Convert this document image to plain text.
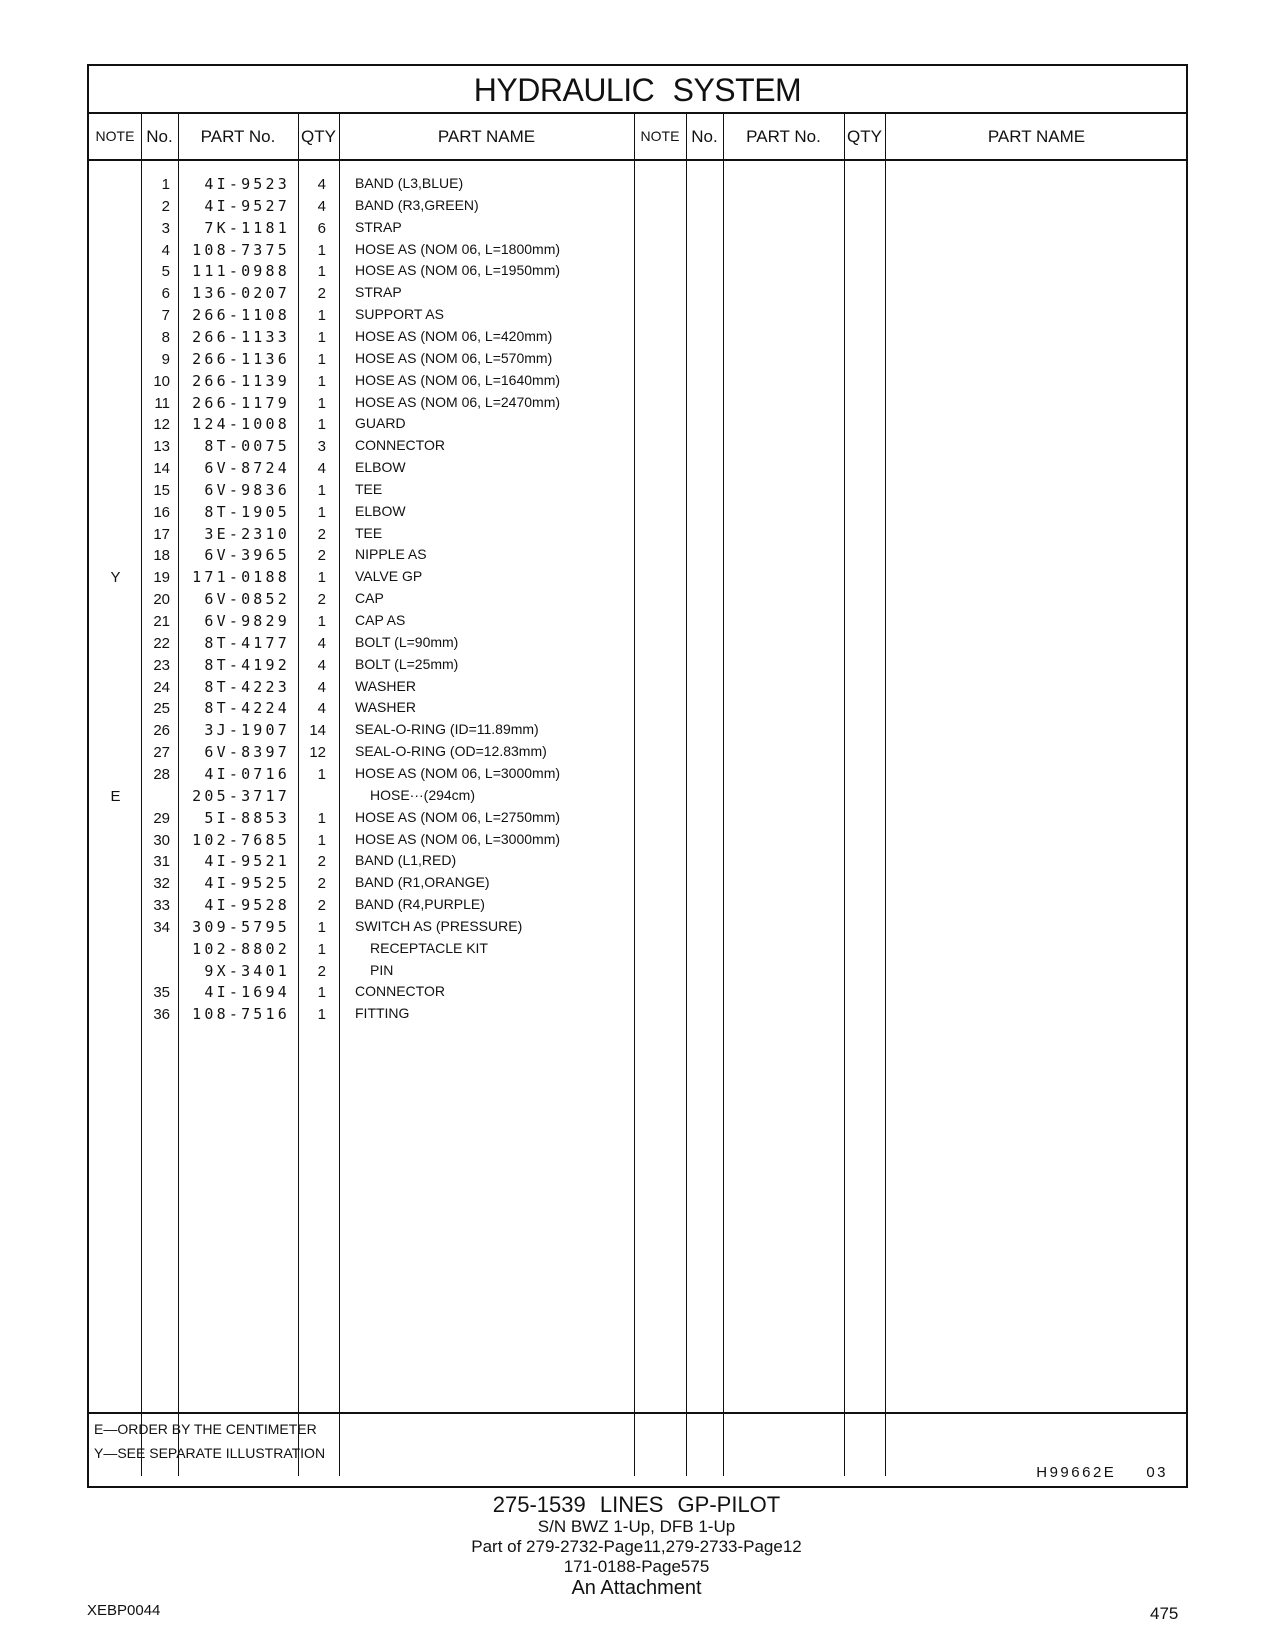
HYDRAULIC SYSTEM
NOTE No.	PART No.	QTY	PART NAME	NOTE No.	PART No.	QTY	PART NAME
1	4I-9523	4 BAND (L3,BLUE)
2	4I-9527	4 BAND (R3,GREEN)
3	7K-1181	6 STRAP
4	108-7375	1 HOSE AS (NOM 06, L=1800mm)
5	111-0988	1 HOSE AS (NOM 06, L=1950mm)
6	136-0207	2 STRAP
7	266-1108	1 SUPPORT AS
8	266-1133	1 HOSE AS (NOM 06, L=420mm)
9	266-1136	1 HOSE AS (NOM 06, L=570mm)
10	266-1139	1 HOSE AS (NOM 06, L=1640mm)
11	266-1179	1 HOSE AS (NOM 06, L=2470mm)
12	124-1008	1 GUARD
13	8T-0075	3 CONNECTOR
14	6V-8724	4 ELBOW
15	6V-9836	1 TEE
16	8T-1905	1 ELBOW
17	3E-2310	2 TEE
18	6V-3965	2 NIPPLE AS
Y	19	171-0188	1 VALVE GP
20	6V-0852	2 CAP
21	6V-9829	1 CAP AS
22	8T-4177	4 BOLT (L=90mm)
23	8T-4192	4 BOLT (L=25mm)
24	8T-4223	4 WASHER
25	8T-4224	4 WASHER
26	3J-1907	14 SEAL-O-RING (ID=11.89mm)
27	6V-8397	12 SEAL-O-RING (OD=12.83mm)
28	4I-0716	1 HOSE AS (NOM 06, L=3000mm)
E	205-3717	HOSE···(294cm)
29	5I-8853	1 HOSE AS (NOM 06, L=2750mm)
30	102-7685	1 HOSE AS (NOM 06, L=3000mm)
31	4I-9521	2 BAND (L1,RED)
32	4I-9525	2 BAND (R1,ORANGE)
33	4I-9528	2 BAND (R4,PURPLE)
34	309-5795	1 SWITCH AS (PRESSURE)
102-8802	1	RECEPTACLE KIT
9X-3401	2	PIN
35	4I-1694	1 CONNECTOR
36	108-7516	1 FITTING
E—ORDER BY THE CENTIMETER
Y—SEE SEPARATE ILLUSTRATION
H99662E 03
275-1539 LINES GP-PILOT
S/N BWZ 1-Up, DFB 1-Up
Part of 279-2732-Page11,279-2733-Page12
171-0188-Page575
An Attachment
XEBP0044	475
